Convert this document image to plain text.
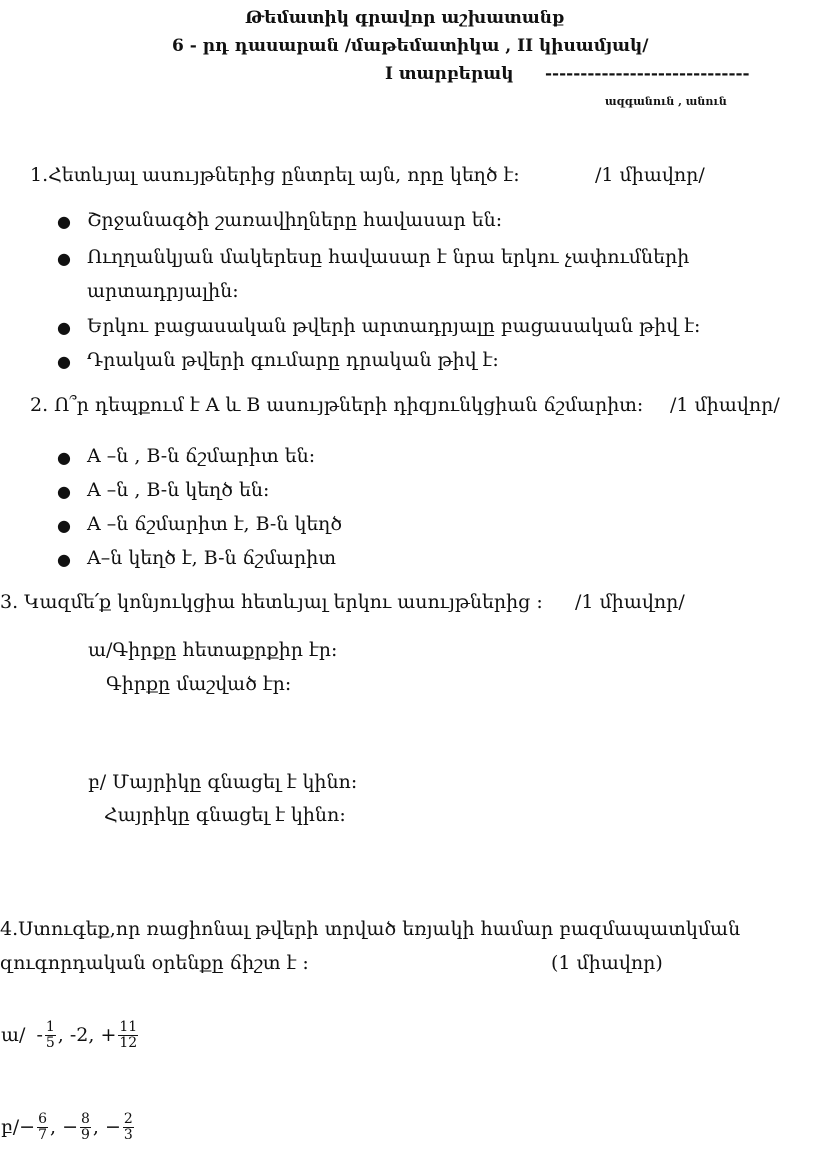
Թեմատիկ գրավոր աշխատանք
6 - րդ դասարան /մաթեմատիկա , II կիսամյակ/
I տարբերակ -----------------------------
ազգանուն , անուն
1.Հետևյալ ասույթներից ընտրել այն, որը կեղծ է:	/1 միավոր/
● Շրջանագծի շառավիղները հավասար են:
● Ուղղանկյան մակերեսը հավասար է նրա երկու չափումների
արտադրյալին:
● Երկու բացասական թվերի արտադրյալը բացասական թիվ է:
● Դրական թվերի գումարը դրական թիվ է:
2. Ո՞ր դեպքում է A և B ասույթների դիզյունկցիան ճշմարիտ: /1 միավոր/
● A –ն , B-ն ճշմարիտ են:
● A –ն , B-ն կեղծ են:
● A –ն ճշմարիտ է, B-ն կեղծ
● A–ն կեղծ է, B-ն ճշմարիտ
3. Կազմե՛ք կոնյուկցիա հետևյալ երկու ասույթներից : /1 միավոր/
ա/Գիրքը հետաքրքիր էր:
Գիրքը մաշված էր:
բ/ Մայրիկը գնացել է կինո:
Հայրիկը գնացել է կինո:
4.Ստուգեք,որ ռացիոնալ թվերի տրված եռյակի համար բազմապատկման
զուգորդական օրենքը ճիշտ է :	(1 միավոր)
ա/ - $\frac{1}{5}$ , -2, + $\frac{11}{12}$
բ/− $\frac{6}{7}$ , − $\frac{8}{9}$ , − $\frac{2}{3}$
